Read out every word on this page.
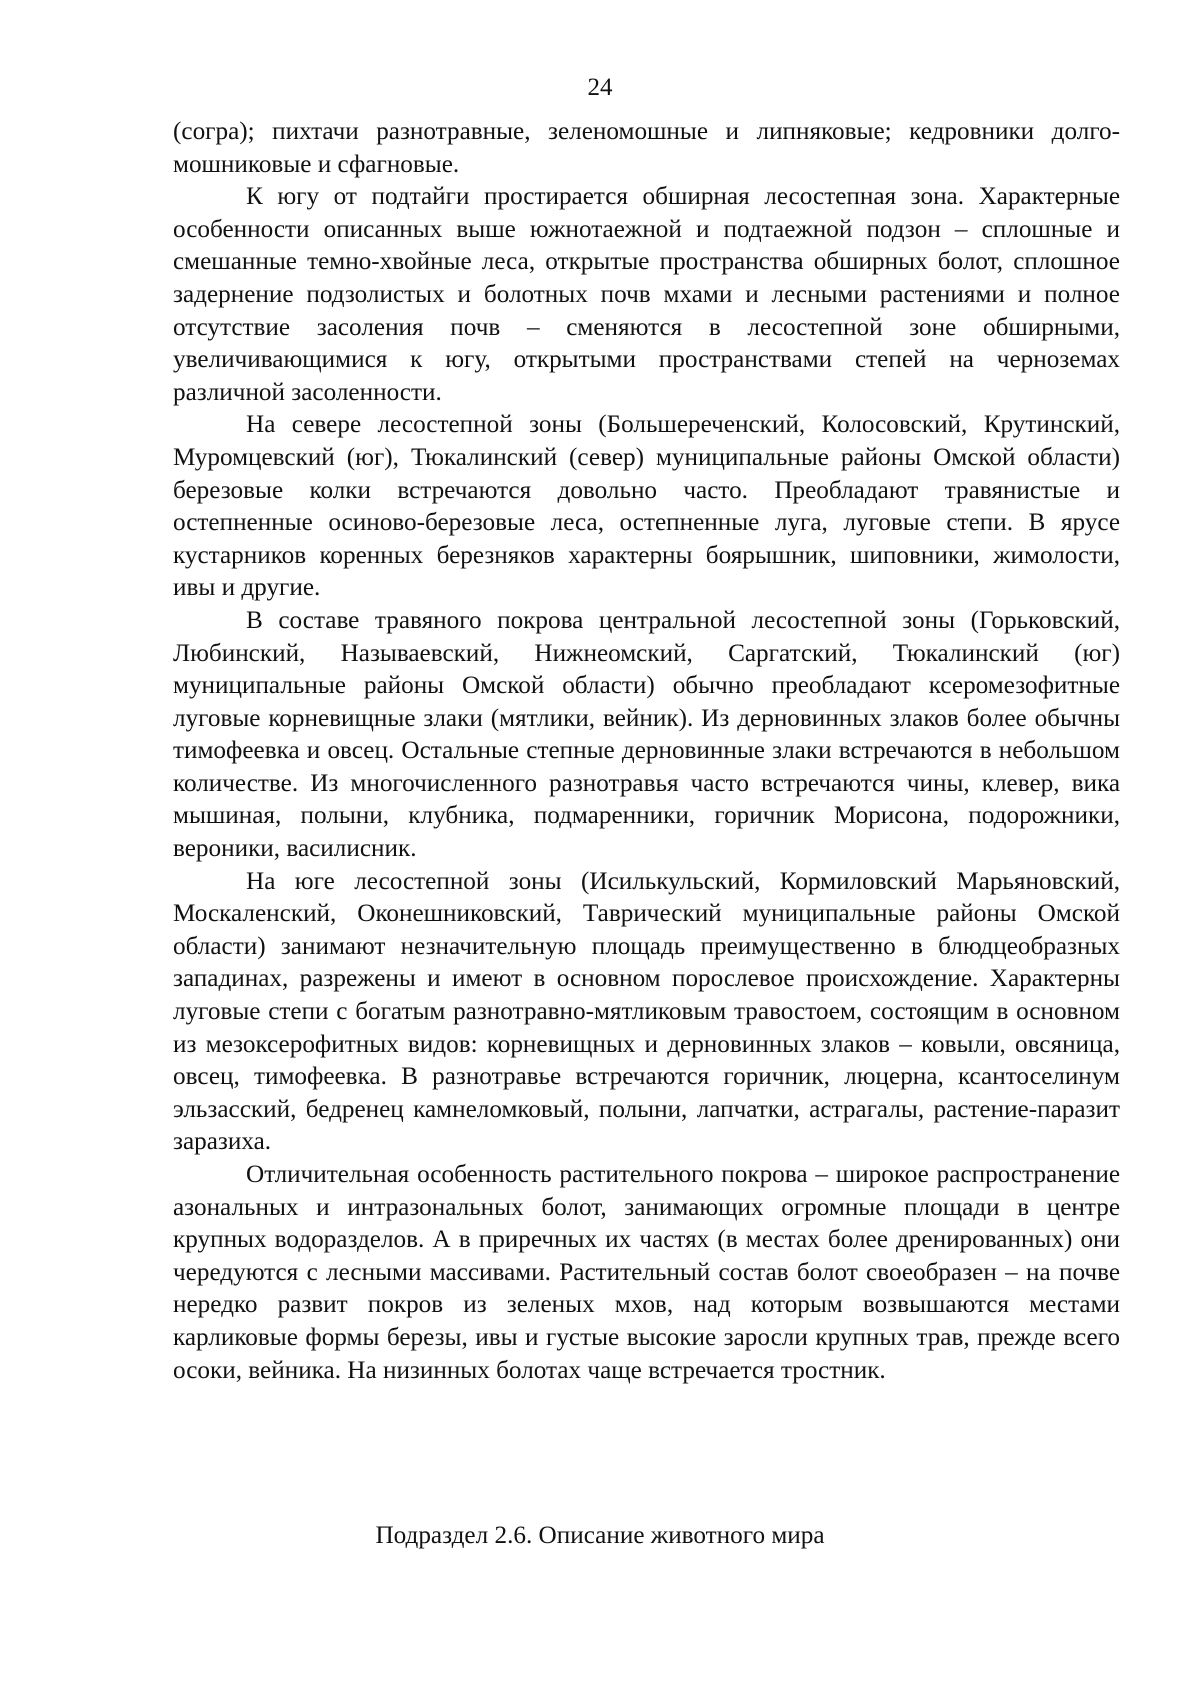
24

(согра); пихтачи разнотравные, зеленомошные и липняковые; кедровники долго-мошниковые и сфагновые.

К югу от подтайги простирается обширная лесостепная зона. Характерные особенности описанных выше южнотаежной и подтаежной подзон – сплошные и смешанные темно-хвойные леса, открытые пространства обширных болот, сплошное задернение подзолистых и болотных почв мхами и лесными растениями и полное отсутствие засоления почв – сменяются в лесостепной зоне обширными, увеличивающимися к югу, открытыми пространствами степей на черноземах различной засоленности.

На севере лесостепной зоны (Большереченский, Колосовский, Крутинский, Муромцевский (юг), Тюкалинский (север) муниципальные районы Омской области) березовые колки встречаются довольно часто. Преобладают травянистые и остепненные осиново-березовые леса, остепненные луга, луговые степи. В ярусе кустарников коренных березняков характерны боярышник, шиповники, жимолости, ивы и другие.

В составе травяного покрова центральной лесостепной зоны (Горьковский, Любинский, Называевский, Нижнеомский, Саргатский, Тюкалинский (юг) муниципальные районы Омской области) обычно преобладают ксеромезофитные луговые корневищные злаки (мятлики, вейник). Из дерновинных злаков более обычны тимофеевка и овсец. Остальные степные дерновинные злаки встречаются в небольшом количестве. Из многочисленного разнотравья часто встречаются чины, клевер, вика мышиная, полыни, клубника, подмаренники, горичник Морисона, подорожники, вероники, василисник.

На юге лесостепной зоны (Исилькульский, Кормиловский Марьяновский, Москаленский, Оконешниковский, Таврический муниципальные районы Омской области) занимают незначительную площадь преимущественно в блюдцеобразных западинах, разрежены и имеют в основном порослевое происхождение. Характерны луговые степи с богатым разнотравно-мятликовым травостоем, состоящим в основном из мезоксерофитных видов: корневищных и дерновинных злаков – ковыли, овсяница, овсец, тимофеевка. В разнотравье встречаются горичник, люцерна, ксантоселинум эльзасский, бедренец камнеломковый, полыни, лапчатки, астрагалы, растение-паразит заразиха.

Отличительная особенность растительного покрова – широкое распространение азональных и интразональных болот, занимающих огромные площади в центре крупных водоразделов. А в приречных их частях (в местах более дренированных) они чередуются с лесными массивами. Растительный состав болот своеобразен – на почве нередко развит покров из зеленых мхов, над которым возвышаются местами карликовые формы березы, ивы и густые высокие заросли крупных трав, прежде всего осоки, вейника. На низинных болотах чаще встречается тростник.

Подраздел 2.6. Описание животного мира
